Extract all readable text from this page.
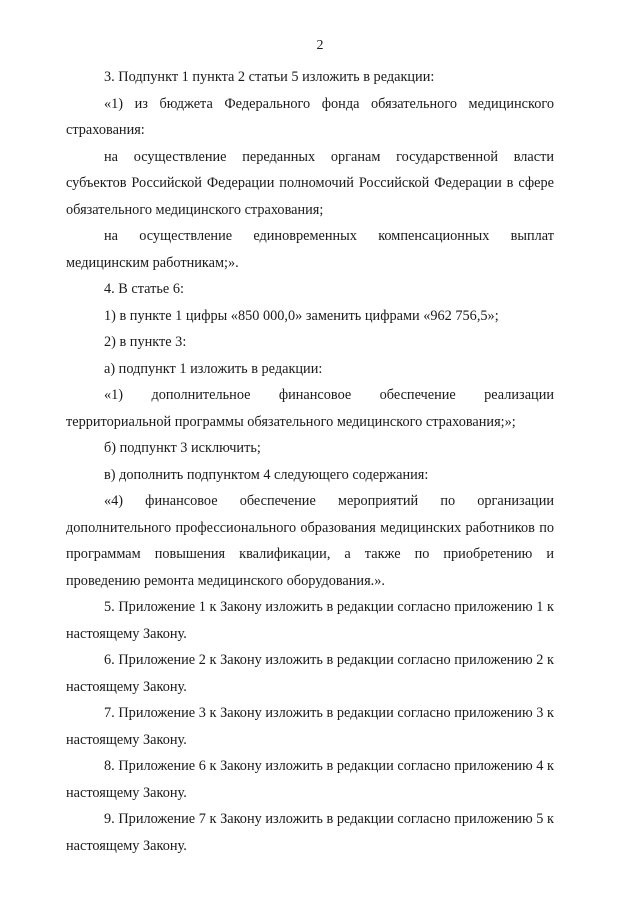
2
3. Подпункт 1 пункта 2 статьи 5 изложить в редакции:
«1) из бюджета Федерального фонда обязательного медицинского страхования:
на осуществление переданных органам государственной власти субъектов Российской Федерации полномочий Российской Федерации в сфере обязательного медицинского страхования;
на осуществление единовременных компенсационных выплат медицинским работникам;».
4. В статье 6:
1) в пункте 1 цифры «850 000,0» заменить цифрами «962 756,5»;
2) в пункте 3:
а) подпункт 1 изложить в редакции:
«1) дополнительное финансовое обеспечение реализации территориальной программы обязательного медицинского страхования;»;
б) подпункт 3 исключить;
в) дополнить подпунктом 4 следующего содержания:
«4) финансовое обеспечение мероприятий по организации дополнительного профессионального образования медицинских работников по программам повышения квалификации, а также по приобретению и проведению ремонта медицинского оборудования.».
5. Приложение 1 к Закону изложить в редакции согласно приложению 1 к настоящему Закону.
6. Приложение 2 к Закону изложить в редакции согласно приложению 2 к настоящему Закону.
7. Приложение 3 к Закону изложить в редакции согласно приложению 3 к настоящему Закону.
8. Приложение 6 к Закону изложить в редакции согласно приложению 4 к настоящему Закону.
9. Приложение 7 к Закону изложить в редакции согласно приложению 5 к настоящему Закону.
